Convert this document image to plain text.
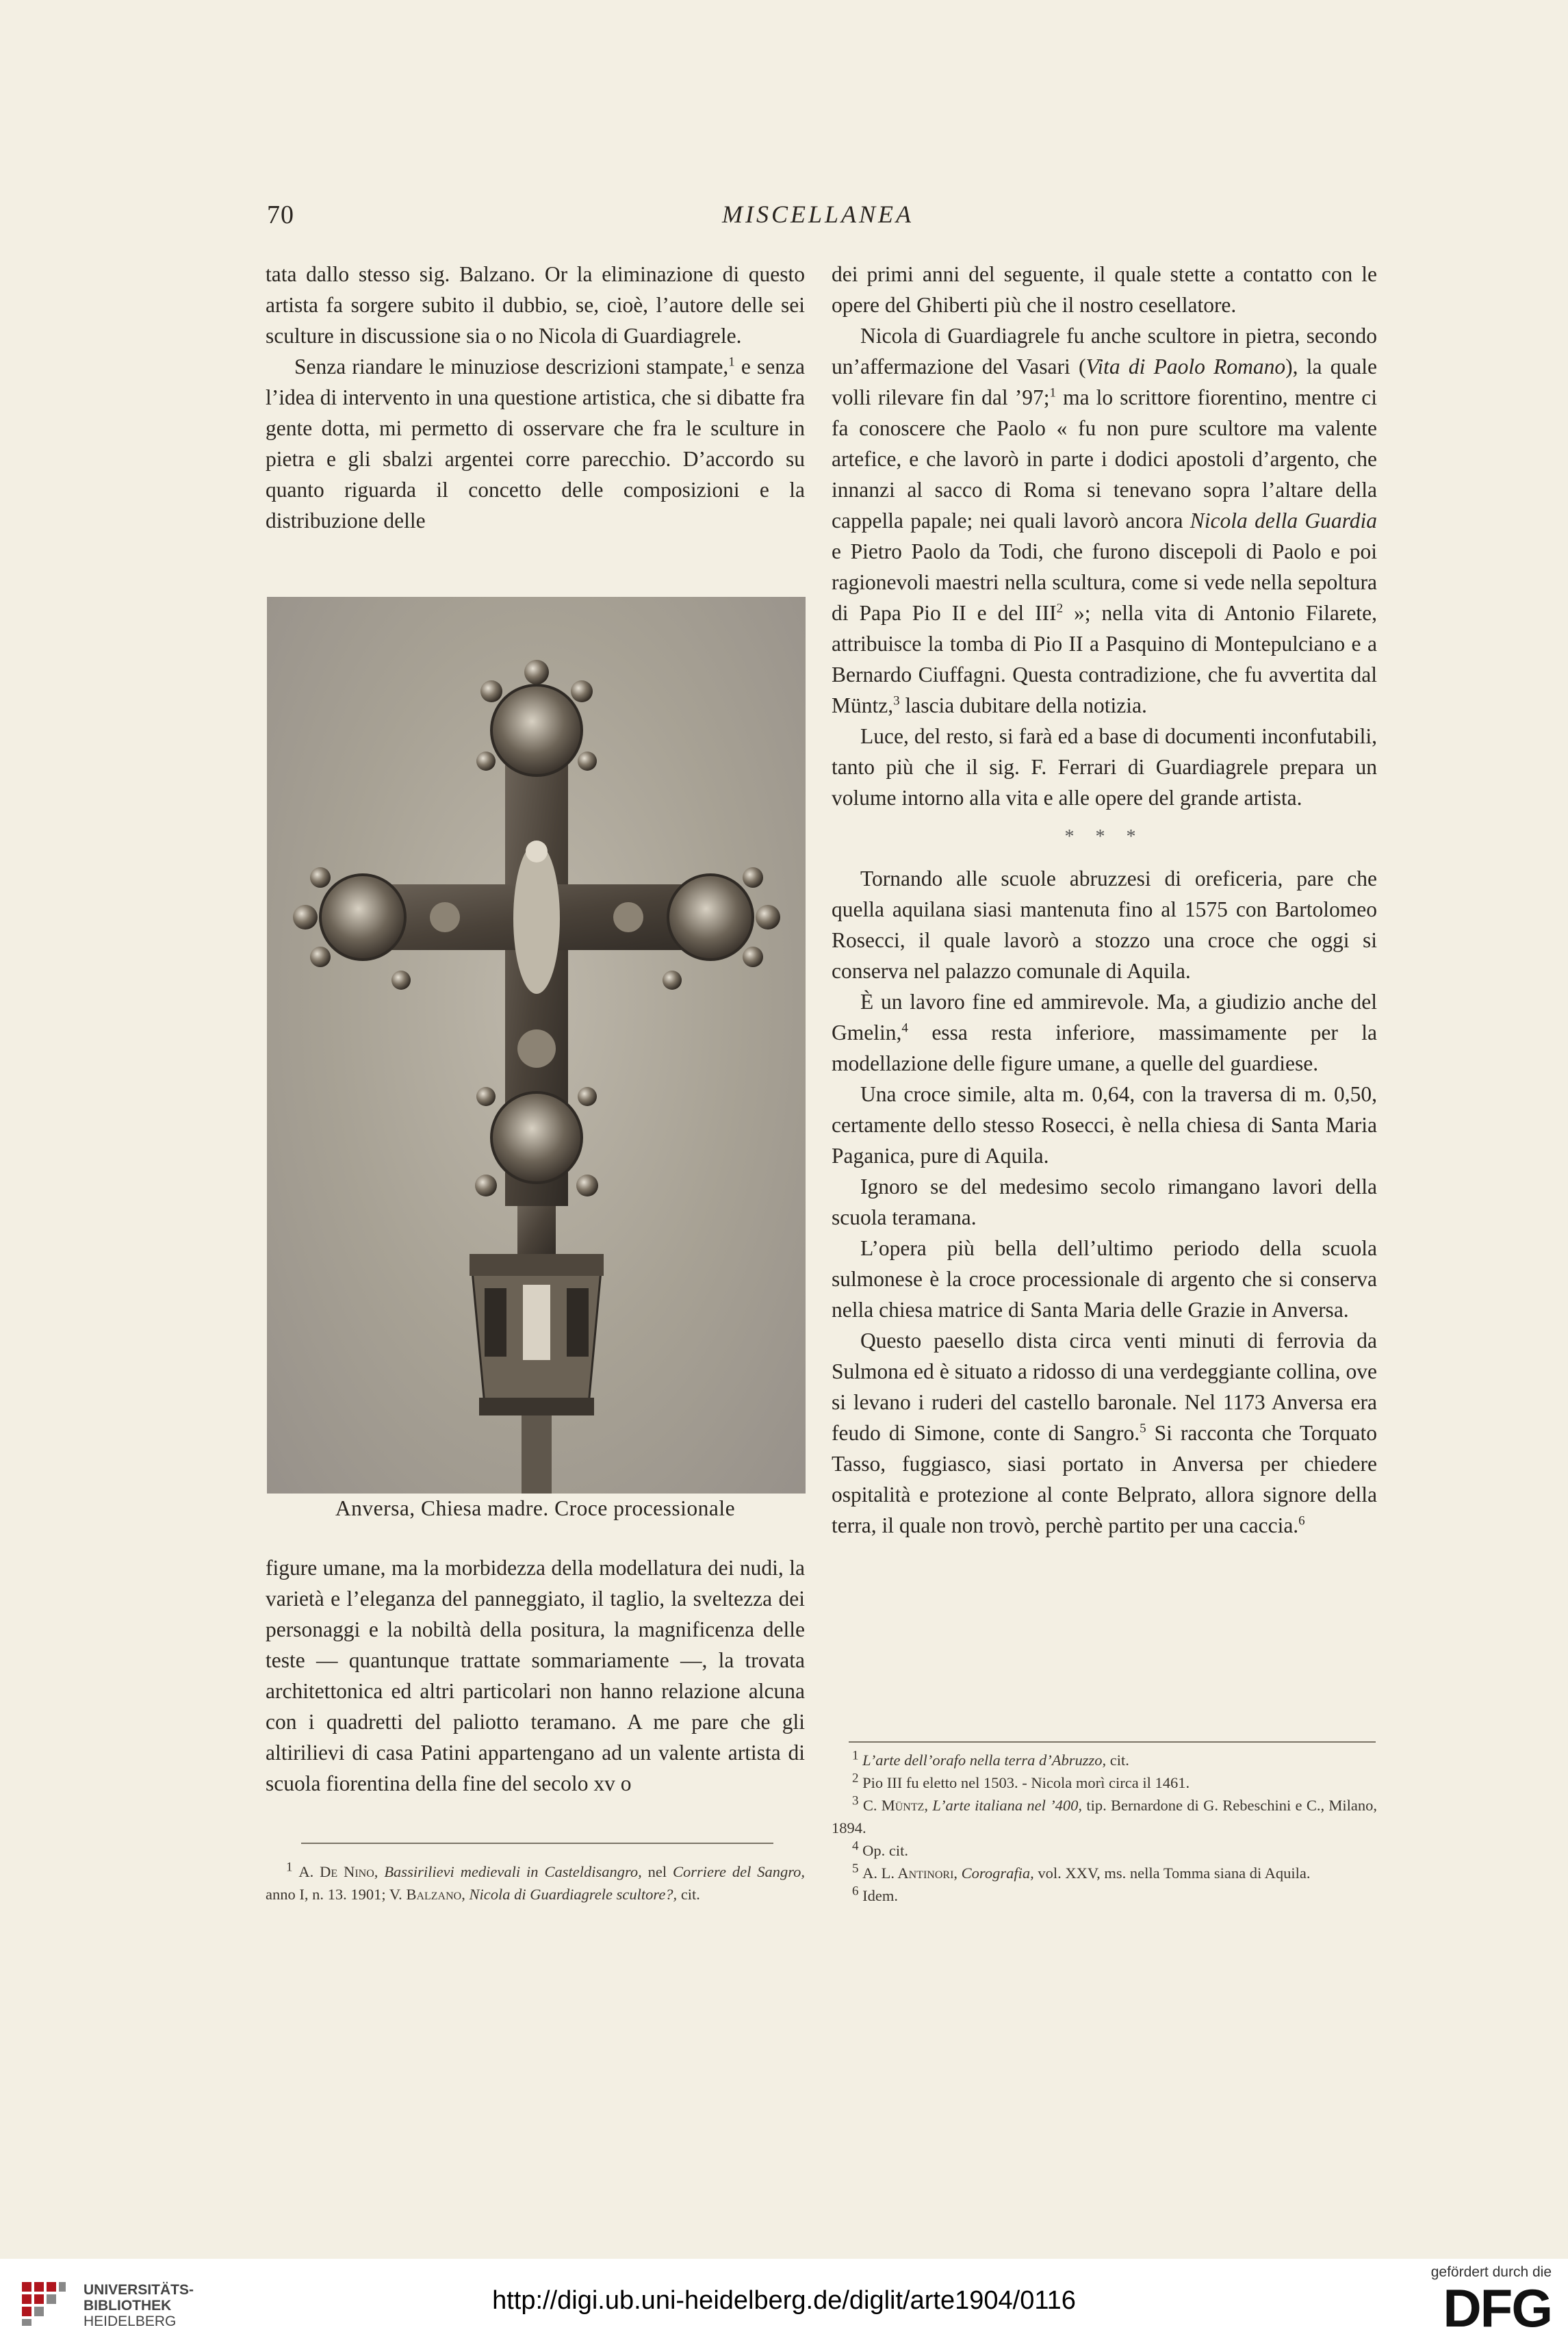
70	MISCELLANEA

tata dallo stesso sig. Balzano. Or la eliminazione di questo artista fa sorgere subito il dubbio, se, cioè, l’autore delle sei sculture in discussione sia o no Nicola di Guardiagrele.

Senza riandare le minuziose descrizioni stampate,$^1$ e senza l’idea di intervento in una questione artistica, che si dibatte fra gente dotta, mi permetto di osservare che fra le sculture in pietra e gli sbalzi argentei corre parecchio. D’accordo su quanto riguarda il concetto delle composizioni e la distribuzione delle

Anversa, Chiesa madre. Croce processionale

figure umane, ma la morbidezza della modellatura dei nudi, la varietà e l’eleganza del panneggiato, il taglio, la sveltezza dei personaggi e la nobiltà della positura, la magnificenza delle teste — quantunque trattate sommariamente —, la trovata architettonica ed altri particolari non hanno relazione alcuna con i quadretti del paliotto teramano. A me pare che gli altirilievi di casa Patini appartengano ad un valente artista di scuola fiorentina della fine del secolo xv o

dei primi anni del seguente, il quale stette a contatto con le opere del Ghiberti più che il nostro cesellatore.

Nicola di Guardiagrele fu anche scultore in pietra, secondo un’affermazione del Vasari (Vita di Paolo Romano), la quale volli rilevare fin dal ’97;$^1$ ma lo scrittore fiorentino, mentre ci fa conoscere che Paolo « fu non pure scultore ma valente artefice, e che lavorò in parte i dodici apostoli d’argento, che innanzi al sacco di Roma si tenevano sopra l’altare della cappella papale; nei quali lavorò ancora Nicola della Guardia e Pietro Paolo da Todi, che furono discepoli di Paolo e poi ragionevoli maestri nella scultura, come si vede nella sepoltura di Papa Pio II e del III$^2$ »; nella vita di Antonio Filarete, attribuisce la tomba di Pio II a Pasquino di Montepulciano e a Bernardo Ciuffagni. Questa contradizione, che fu avvertita dal Müntz,$^3$ lascia dubitare della notizia.

Luce, del resto, si farà ed a base di documenti inconfutabili, tanto più che il sig. F. Ferrari di Guardiagrele prepara un volume intorno alla vita e alle opere del grande artista.

* * *

Tornando alle scuole abruzzesi di oreficeria, pare che quella aquilana siasi mantenuta fino al 1575 con Bartolomeo Rosecci, il quale lavorò a stozzo una croce che oggi si conserva nel palazzo comunale di Aquila.

È un lavoro fine ed ammirevole. Ma, a giudizio anche del Gmelin,$^4$ essa resta inferiore, massimamente per la modellazione delle figure umane, a quelle del guardiese.

Una croce simile, alta m. 0,64, con la traversa di m. 0,50, certamente dello stesso Rosecci, è nella chiesa di Santa Maria Paganica, pure di Aquila.

Ignoro se del medesimo secolo rimangano lavori della scuola teramana.

L’opera più bella dell’ultimo periodo della scuola sulmonese è la croce processionale di argento che si conserva nella chiesa matrice di Santa Maria delle Grazie in Anversa.

Questo paesello dista circa venti minuti di ferrovia da Sulmona ed è situato a ridosso di una verdeggiante collina, ove si levano i ruderi del castello baronale. Nel 1173 Anversa era feudo di Simone, conte di Sangro.$^5$ Si racconta che Torquato Tasso, fuggiasco, siasi portato in Anversa per chiedere ospitalità e protezione al conte Belprato, allora signore della terra, il quale non trovò, perchè partito per una caccia.$^6$

$^1$ A. De Nino, Bassirilievi medievali in Casteldisangro, nel Corriere del Sangro, anno I, n. 13. 1901; V. Balzano, Nicola di Guardiagrele scultore?, cit.

$^1$ L’arte dell’orafo nella terra d’Abruzzo, cit.

$^2$ Pio III fu eletto nel 1503. - Nicola morì circa il 1461.

$^3$ C. Müntz, L’arte italiana nel ’400, tip. Bernardone di G. Rebeschini e C., Milano, 1894.

$^4$ Op. cit.

$^5$ A. L. Antinori, Corografia, vol. XXV, ms. nella Tomma siana di Aquila.

$^6$ Idem.

UNIVERSITÄTS-
BIBLIOTHEK
HEIDELBERG
http://digi.ub.uni-heidelberg.de/diglit/arte1904/0116
gefördert durch die
DFG
